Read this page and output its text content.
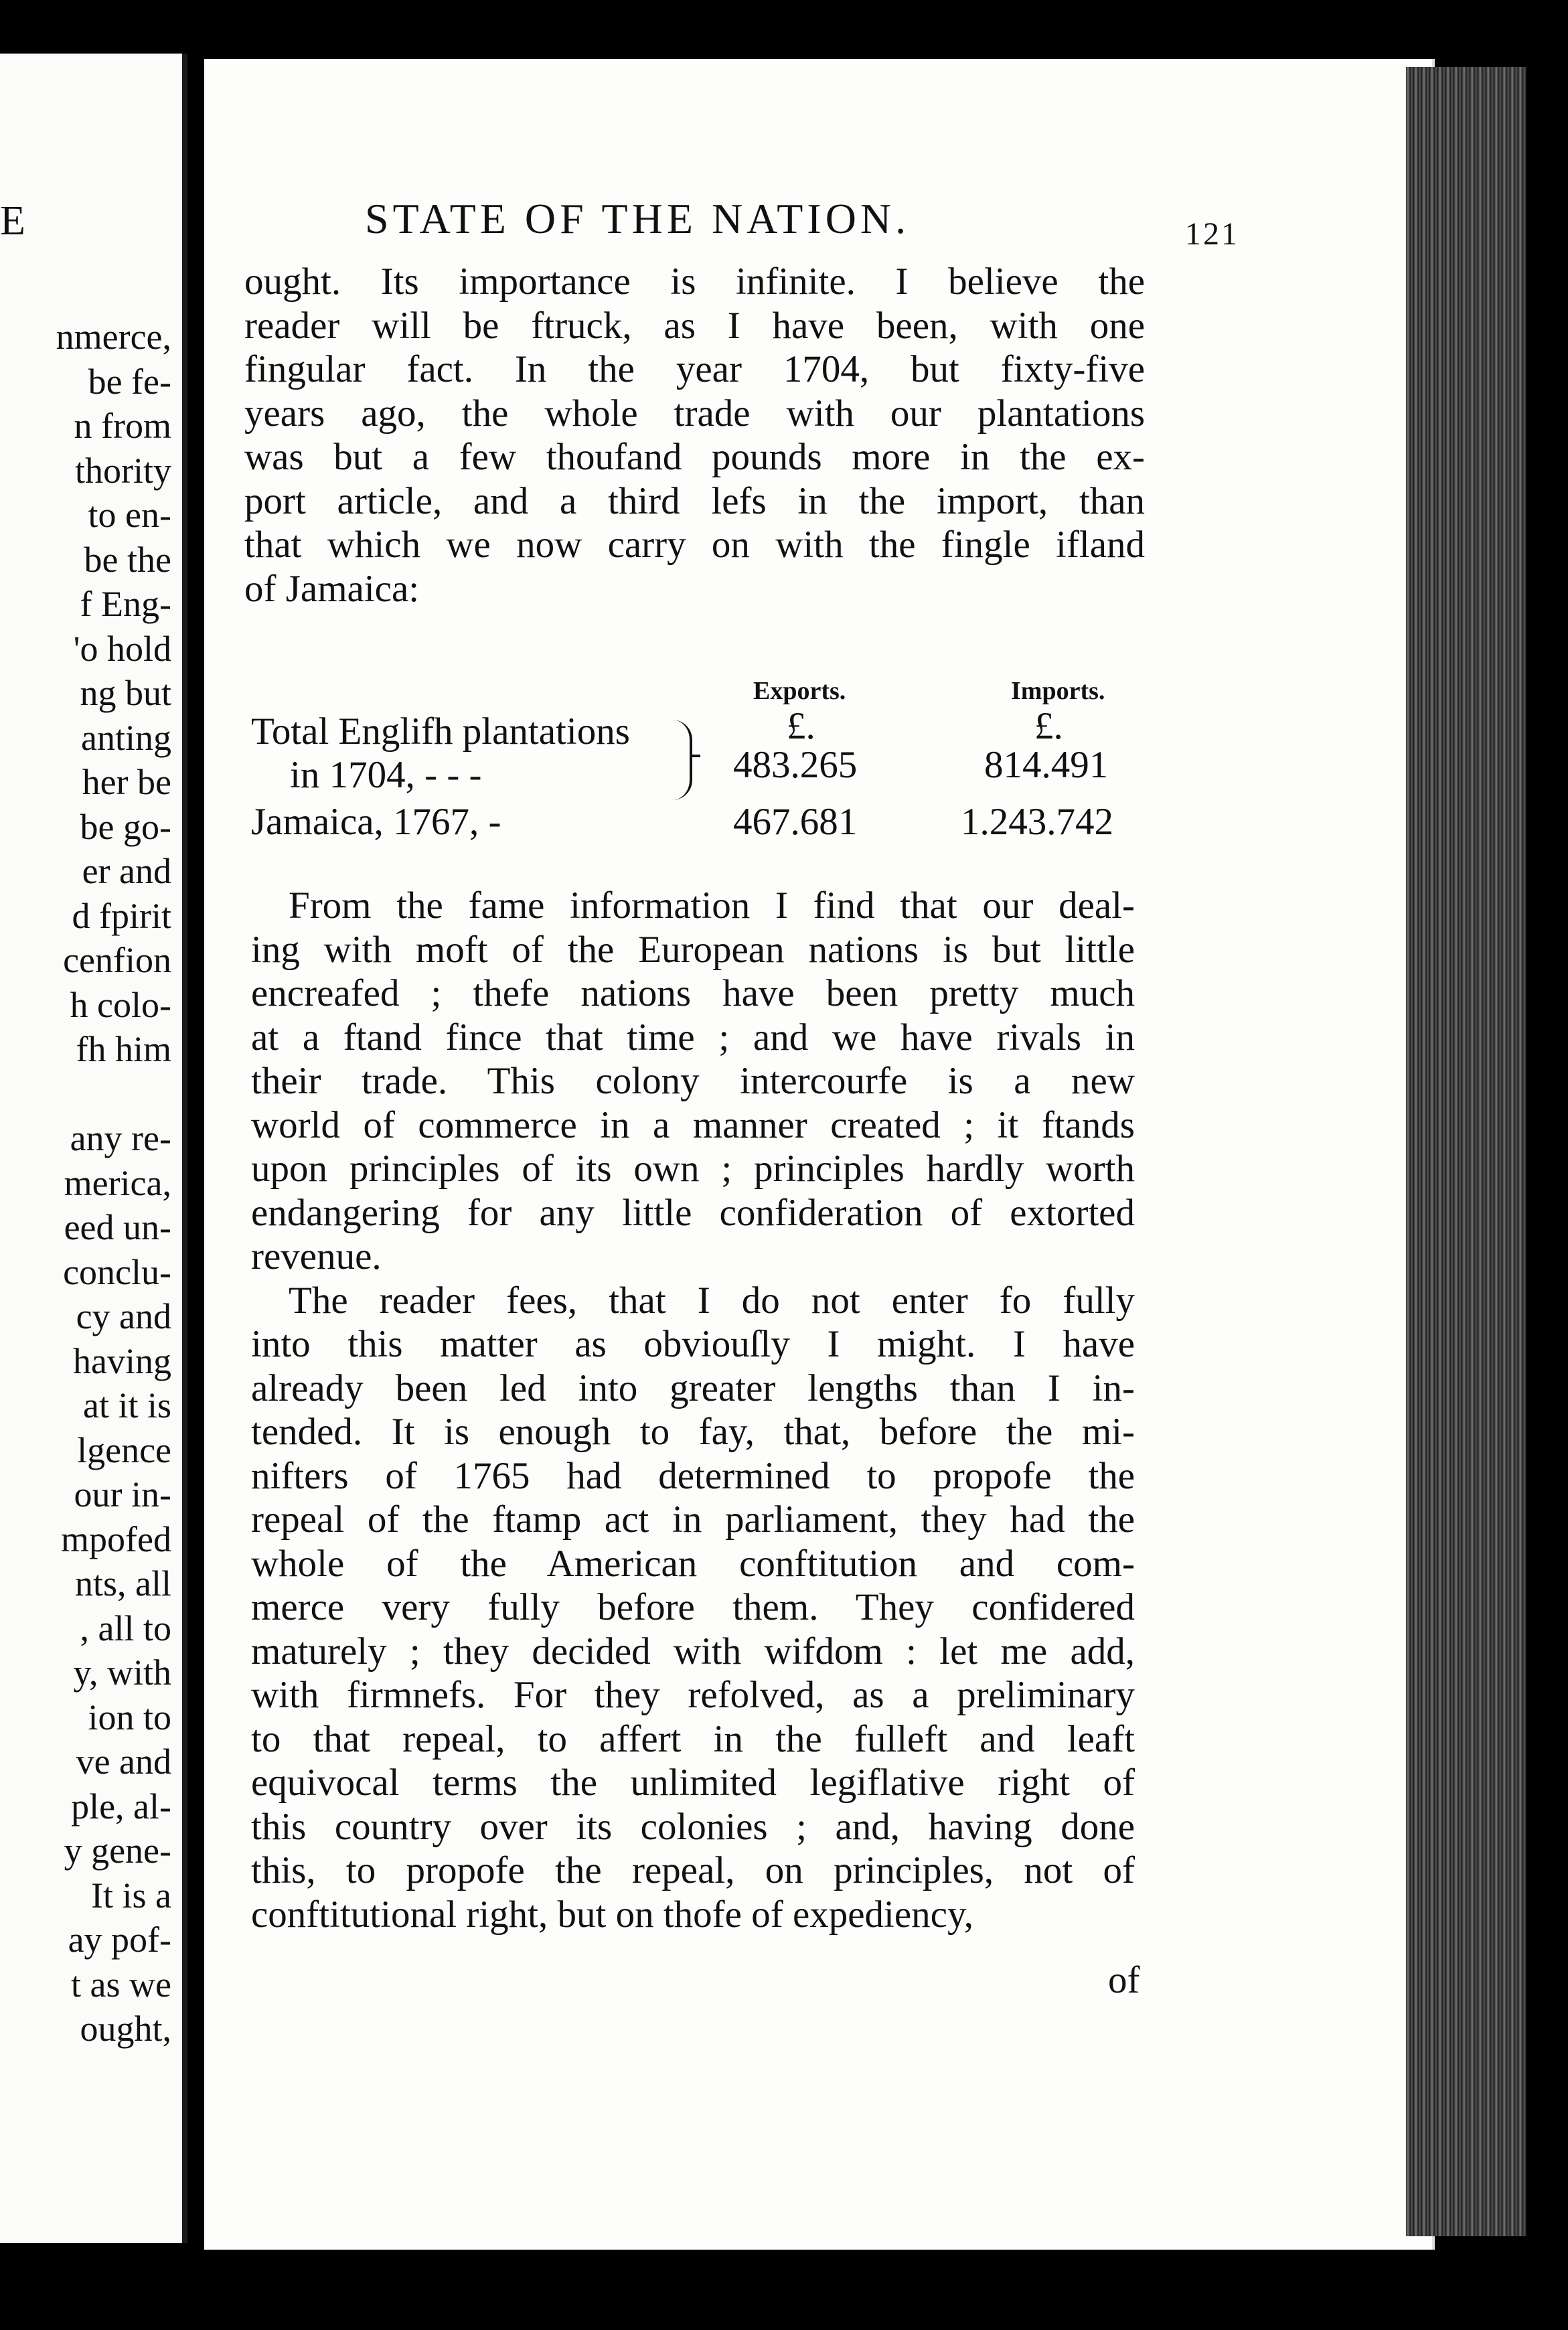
E
nmerce,
be fe-
n from
thority
to en-
be the
f Eng-
'o hold
ng but
anting
her be
be go-
er and
d fpirit
cenfion
h colo-
fh him
any re-
merica,
eed un-
conclu-
cy and
having
at it is
lgence
our in-
mpofed
nts, all
, all to
y, with
ion to
ve and
ple, al-
y gene-
It is a
ay pof-
t as we
ought,
STATE OF THE NATION.	121
ought. Its importance is infinite. I believe the
reader will be ftruck, as I have been, with one
fingular fact. In the year 1704, but fixty-five
years ago, the whole trade with our plantations
was but a few thoufand pounds more in the ex-
port article, and a third lefs in the import, than
that which we now carry on with the fingle ifland
of Jamaica:
Exports.	Imports.
£.	£.
Total Englifh plantations
in 1704, - - -	483.265	814.491
Jamaica, 1767, -	467.681	1.243.742
From the fame information I find that our deal-
ing with moft of the European nations is but little
encreafed ; thefe nations have been pretty much
at a ftand fince that time ; and we have rivals in
their trade. This colony intercourfe is a new
world of commerce in a manner created ; it ftands
upon principles of its own ; principles hardly worth
endangering for any little confideration of extorted
revenue.
The reader fees, that I do not enter fo fully
into this matter as obviouſly I might. I have
already been led into greater lengths than I in-
tended. It is enough to fay, that, before the mi-
nifters of 1765 had determined to propofe the
repeal of the ftamp act in parliament, they had the
whole of the American conftitution and com-
merce very fully before them. They confidered
maturely ; they decided with wifdom : let me add,
with firmnefs. For they refolved, as a preliminary
to that repeal, to affert in the fulleft and leaft
equivocal terms the unlimited legiflative right of
this country over its colonies ; and, having done
this, to propofe the repeal, on principles, not of
conftitutional right, but on thofe of expediency,
of
